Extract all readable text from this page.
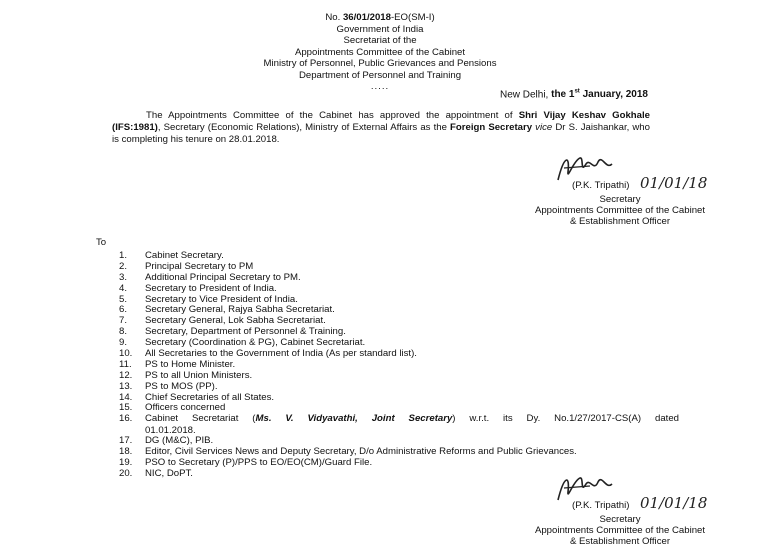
No. 36/01/2018-EO(SM-I)
Government of India
Secretariat of the
Appointments Committee of the Cabinet
Ministry of Personnel, Public Grievances and Pensions
Department of Personnel and Training
.....
New Delhi, the 1st January, 2018
The Appointments Committee of the Cabinet has approved the appointment of Shri Vijay Keshav Gokhale (IFS:1981), Secretary (Economic Relations), Ministry of External Affairs as the Foreign Secretary vice Dr S. Jaishankar, who is completing his tenure on 28.01.2018.
(P.K. Tripathi) 01/01/18
Secretary
Appointments Committee of the Cabinet
& Establishment Officer
To
1. Cabinet Secretary.
2. Principal Secretary to PM
3. Additional Principal Secretary to PM.
4. Secretary to President of India.
5. Secretary to Vice President of India.
6. Secretary General, Rajya Sabha Secretariat.
7. Secretary General, Lok Sabha Secretariat.
8. Secretary, Department of Personnel & Training.
9. Secretary (Coordination & PG), Cabinet Secretariat.
10. All Secretaries to the Government of India (As per standard list).
11. PS to Home Minister.
12. PS to all Union Ministers.
13. PS to MOS (PP).
14. Chief Secretaries of all States.
15. Officers concerned
16. Cabinet Secretariat (Ms. V. Vidyavathi, Joint Secretary) w.r.t. its Dy. No.1/27/2017-CS(A) dated
01.01.2018.
17. DG (M&C), PIB.
18. Editor, Civil Services News and Deputy Secretary, D/o Administrative Reforms and Public Grievances.
19. PSO to Secretary (P)/PPS to EO/EO(CM)/Guard File.
20. NIC, DoPT.
(P.K. Tripathi) 01/01/18
Secretary
Appointments Committee of the Cabinet
& Establishment Officer
